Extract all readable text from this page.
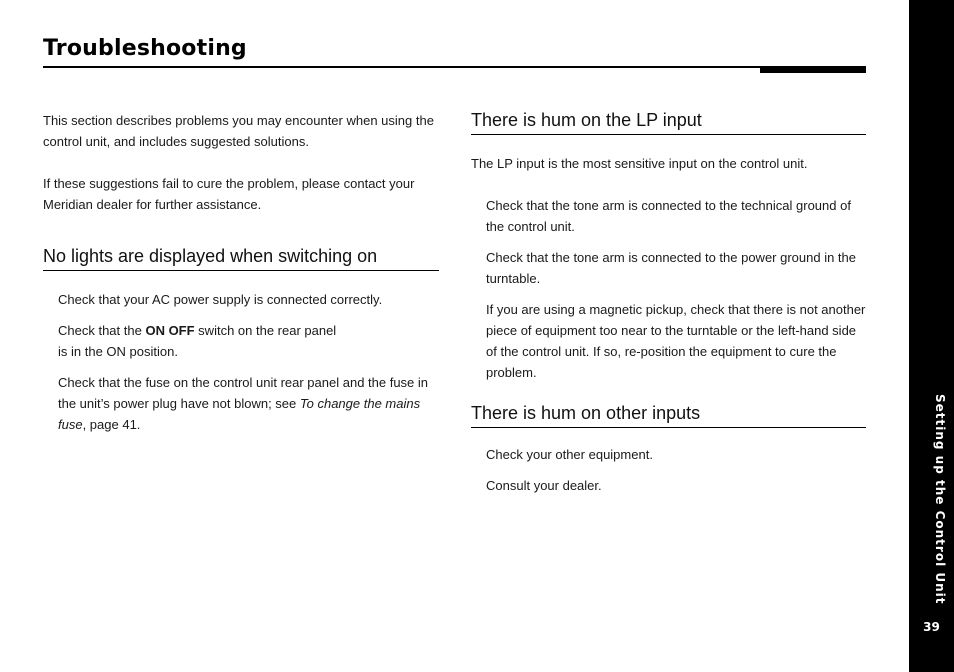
Troubleshooting

This section describes problems you may encounter when using the control unit, and includes suggested solutions.

If these suggestions fail to cure the problem, please contact your Meridian dealer for further assistance.

No lights are displayed when switching on

Check that your AC power supply is connected correctly.

Check that the ON OFF switch on the rear panel
is in the ON position.

Check that the fuse on the control unit rear panel and the fuse in the unit’s power plug have not blown; see To change the mains fuse, page 41.

There is hum on the LP input

The LP input is the most sensitive input on the control unit.

Check that the tone arm is connected to the technical ground of the control unit.

Check that the tone arm is connected to the power ground in the turntable.

If you are using a magnetic pickup, check that there is not another piece of equipment too near to the turntable or the left-hand side of the control unit. If so, re-position the equipment to cure the problem.

There is hum on other inputs

Check your other equipment.

Consult your dealer.	Setting up the Control Unit
39
